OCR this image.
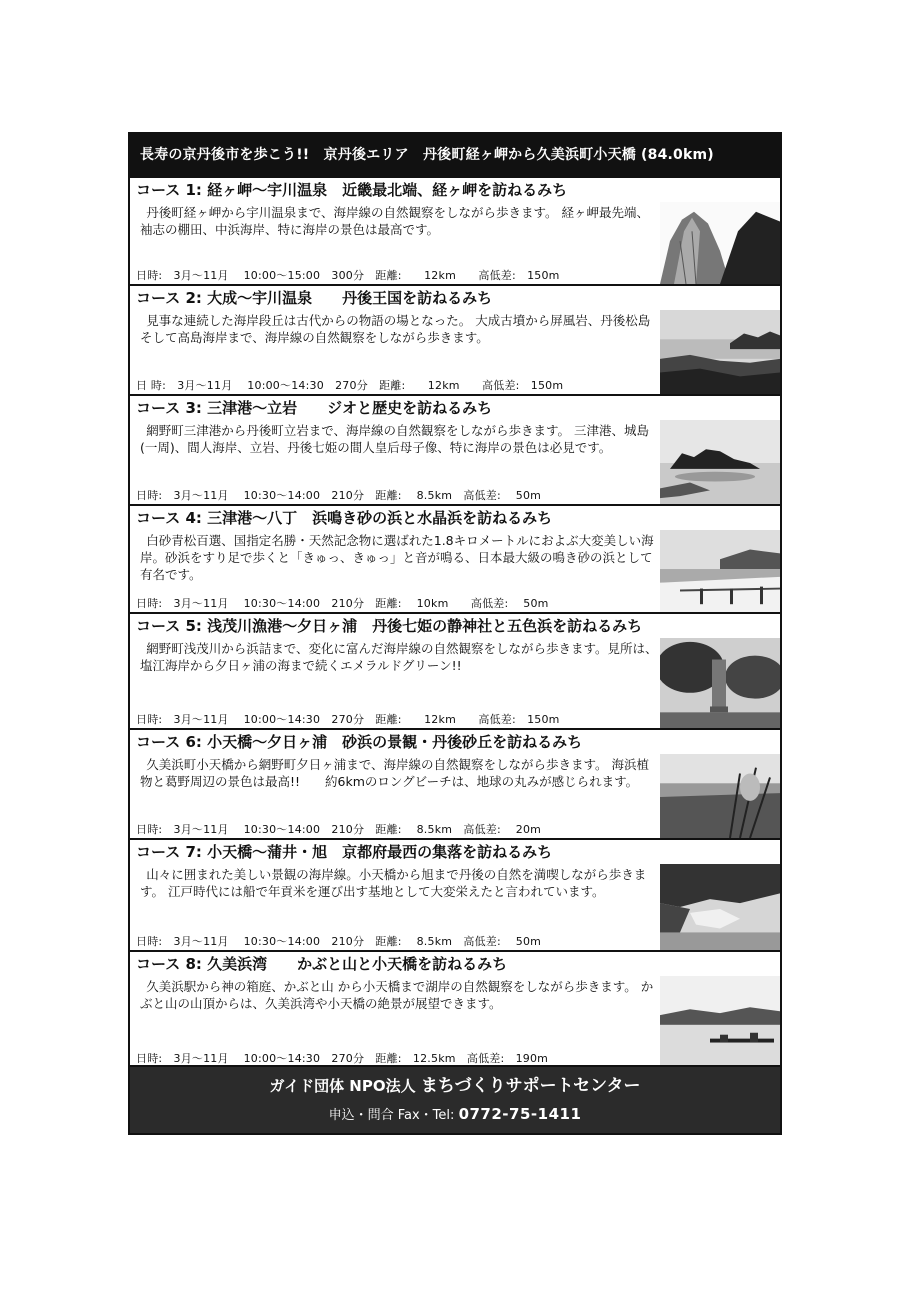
長寿の京丹後市を歩こう!!　京丹後エリア　丹後町経ヶ岬から久美浜町小天橋 (84.0km)
コース 1: 経ヶ岬〜宇川温泉　近畿最北端、経ヶ岬を訪ねるみち
丹後町経ヶ岬から宇川温泉まで、海岸線の自然観察をしながら歩きます。 経ヶ岬最先端、袖志の棚田、中浜海岸、特に海岸の景色は最高です。
日時:　3月〜11月　 10:00〜15:00　300分　距離:　　12km　　高低差:　150m
コース 2: 大成〜宇川温泉　　丹後王国を訪ねるみち
見事な連続した海岸段丘は古代からの物語の場となった。 大成古墳から屏風岩、丹後松島そして高島海岸まで、海岸線の自然観察をしながら歩きます。
日 時:　3月〜11月　 10:00〜14:30　270分　距離:　　12km　　高低差:　150m
コース 3: 三津港〜立岩　　ジオと歴史を訪ねるみち
網野町三津港から丹後町立岩まで、海岸線の自然観察をしながら歩きます。 三津港、城島(一周)、間人海岸、立岩、丹後七姫の間人皇后母子像、特に海岸の景色は必見です。
日時:　3月〜11月　 10:30〜14:00　210分　距離:　 8.5km　高低差:　 50m
コース 4: 三津港〜八丁　浜鳴き砂の浜と水晶浜を訪ねるみち
白砂青松百選、国指定名勝・天然記念物に選ばれた1.8キロメートルにおよぶ大変美しい海岸。砂浜をすり足で歩くと「きゅっ、きゅっ」と音が鳴る、日本最大級の鳴き砂の浜として有名です。
日時:　3月〜11月　 10:30〜14:00　210分　距離:　 10km　　高低差:　 50m
コース 5: 浅茂川漁港〜夕日ヶ浦　丹後七姫の静神社と五色浜を訪ねるみち
網野町浅茂川から浜詰まで、変化に富んだ海岸線の自然観察をしながら歩きます。見所は、塩江海岸から夕日ヶ浦の海まで続くエメラルドグリーン!!
日時:　3月〜11月　 10:00〜14:30　270分　距離:　　12km　　高低差:　150m
コース 6: 小天橋〜夕日ヶ浦　砂浜の景観・丹後砂丘を訪ねるみち
久美浜町小天橋から網野町夕日ヶ浦まで、海岸線の自然観察をしながら歩きます。 海浜植物と葛野周辺の景色は最高!!　　約6kmのロングビーチは、地球の丸みが感じられます。
日時:　3月〜11月　 10:30〜14:00　210分　距離:　 8.5km　高低差:　 20m
コース 7: 小天橋〜蒲井・旭　京都府最西の集落を訪ねるみち
山々に囲まれた美しい景観の海岸線。小天橋から旭まで丹後の自然を満喫しながら歩きます。 江戸時代には船で年貢米を運び出す基地として大変栄えたと言われています。
日時:　3月〜11月　 10:30〜14:00　210分　距離:　 8.5km　高低差:　 50m
コース 8: 久美浜湾　　かぶと山と小天橋を訪ねるみち
久美浜駅から神の箱庭、かぶと山 から小天橋まで湖岸の自然観察をしながら歩きます。 かぶと山の山頂からは、久美浜湾や小天橋の絶景が展望できます。
日時:　3月〜11月　 10:00〜14:30　270分　距離:　12.5km　高低差:　190m
ガイド団体 NPO法人 まちづくりサポートセンター
申込・問合 Fax・Tel: 0772-75-1411
